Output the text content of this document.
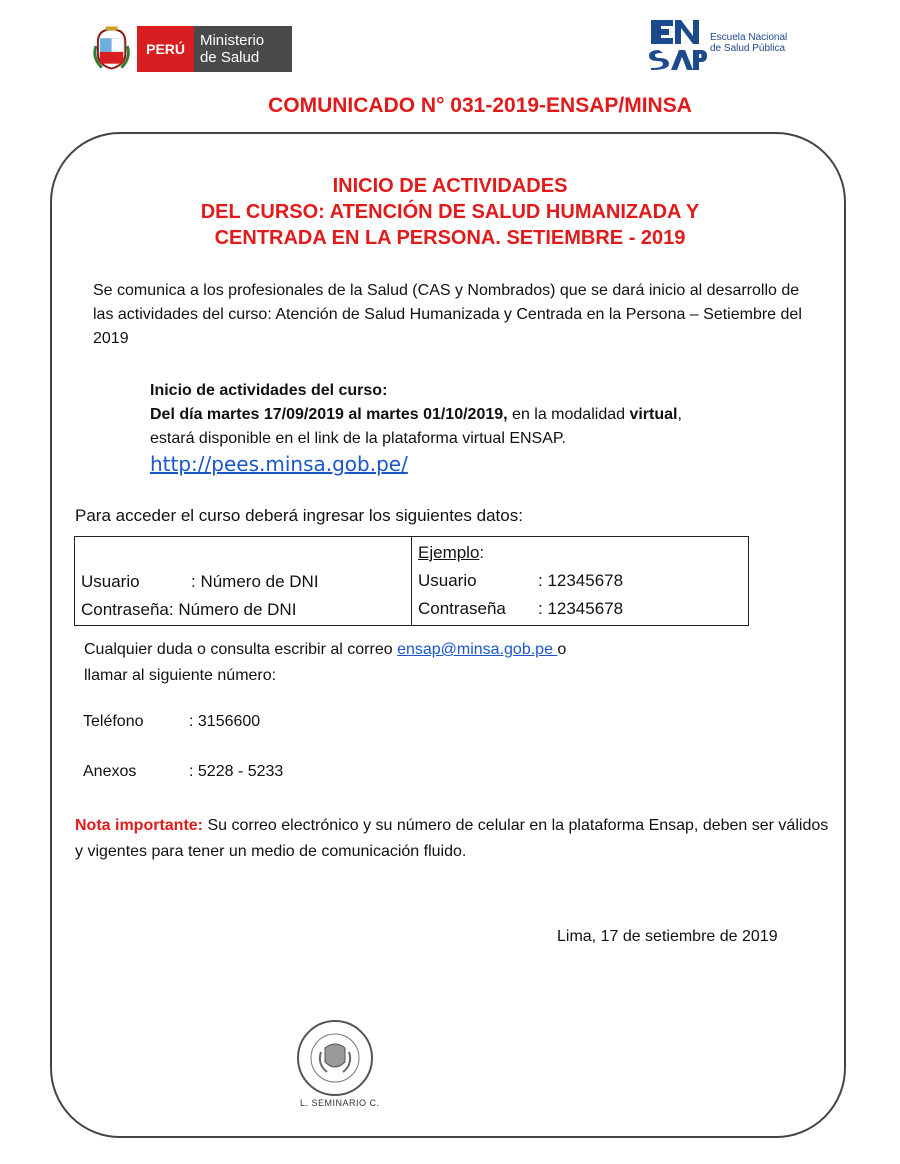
PERÚ Ministerio
de Salud
Escuela Nacional
de Salud Pública
COMUNICADO N° 031-2019-ENSAP/MINSA
INICIO DE ACTIVIDADES
DEL CURSO: ATENCIÓN DE SALUD HUMANIZADA Y
CENTRADA EN LA PERSONA. SETIEMBRE - 2019
Se comunica a los profesionales de la Salud (CAS y Nombrados) que se dará inicio al desarrollo de las actividades del curso: Atención de Salud Humanizada y Centrada en la Persona – Setiembre del 2019
Inicio de actividades del curso:
Del día martes 17/09/2019 al martes 01/10/2019, en la modalidad virtual,
estará disponible en el link de la plataforma virtual ENSAP.
http://pees.minsa.gob.pe/
Para acceder el curso deberá ingresar los siguientes datos:
Usuario	: Número de DNI
Contraseña : Número de DNI
Ejemplo:
Usuario	: 12345678
Contraseña	: 12345678
Cualquier duda o consulta escribir al correo ensap@minsa.gob.pe o
llamar al siguiente número:
Teléfono	: 3156600
Anexos	: 5228 - 5233
Nota importante: Su correo electrónico y su número de celular en la plataforma Ensap, deben ser válidos y vigentes para tener un medio de comunicación fluido.
Lima, 17 de setiembre de 2019
L. SEMINARIO C.
